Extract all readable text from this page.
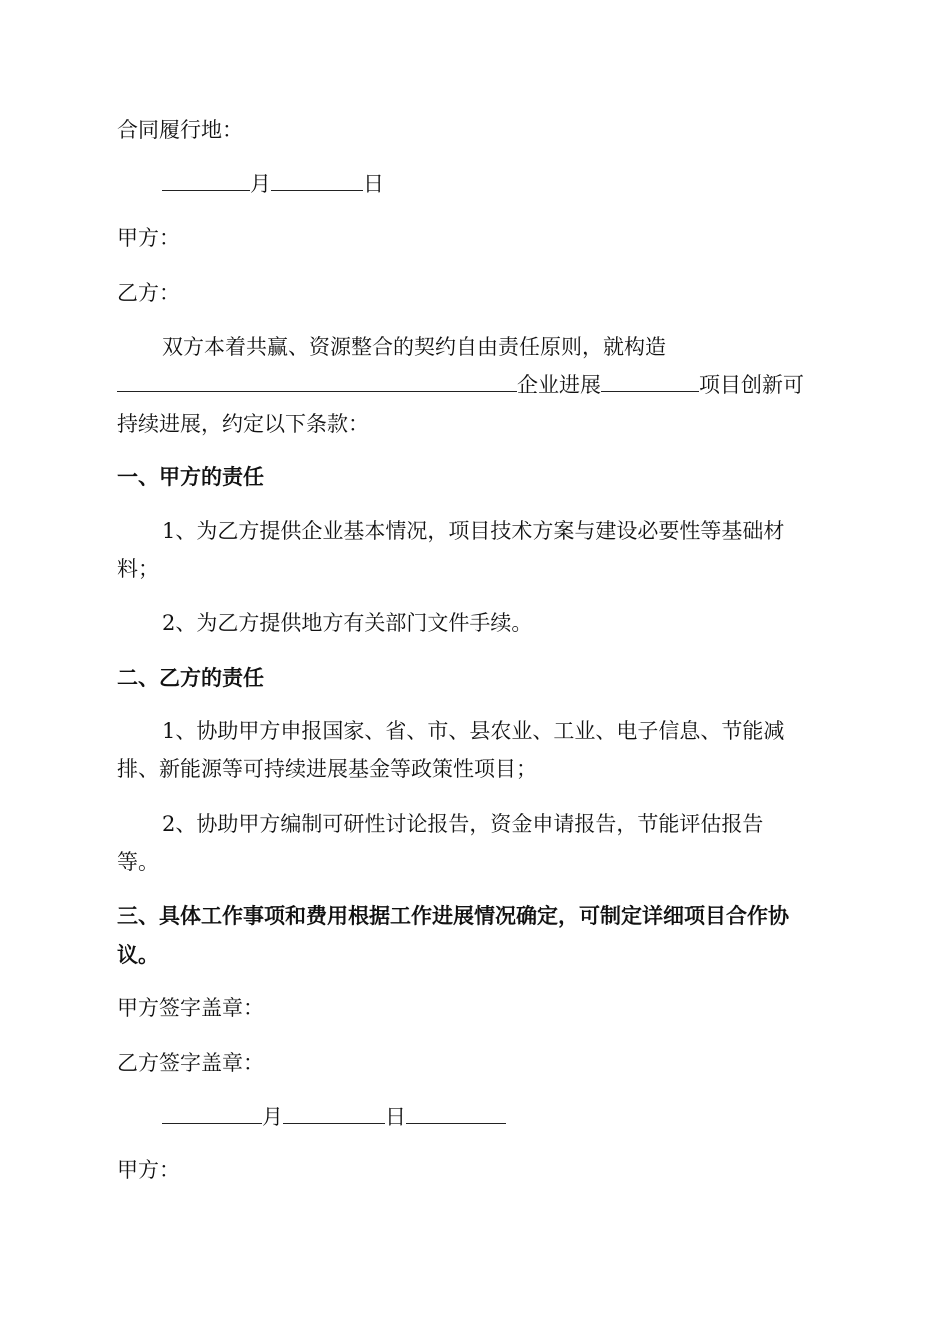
合同履行地：
月	日
甲方：
乙方：
双方本着共赢、资源整合的契约自由责任原则，就构造
企业进展	项目创新可
持续进展，约定以下条款：
一、甲方的责任
1、为乙方提供企业基本情况，项目技术方案与建设必要性等基础材
料；
2、为乙方提供地方有关部门文件手续。
二、乙方的责任
1、协助甲方申报国家、省、市、县农业、工业、电子信息、节能减
排、新能源等可持续进展基金等政策性项目；
2、协助甲方编制可研性讨论报告，资金申请报告，节能评估报告
等。
三、具体工作事项和费用根据工作进展情况确定，可制定详细项目合作协
议。
甲方签字盖章：
乙方签字盖章：
月	日
甲方：
